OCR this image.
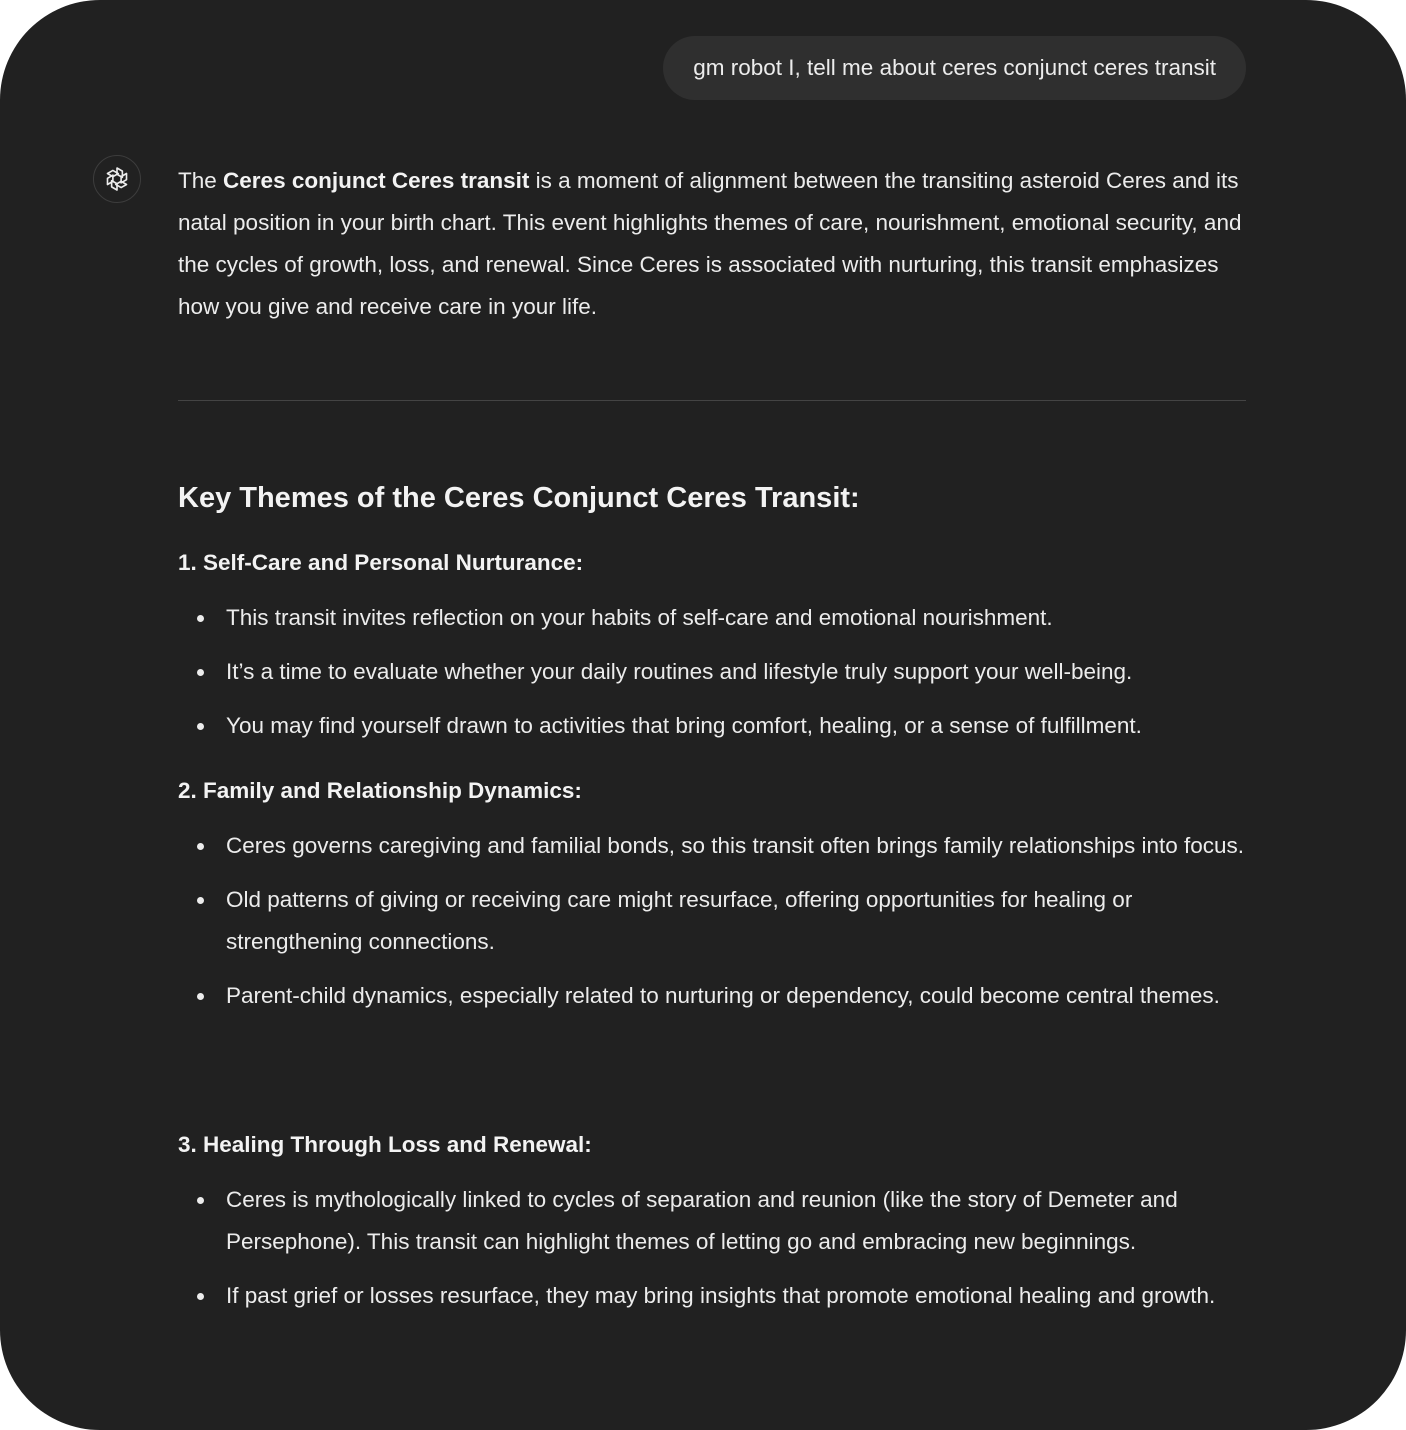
gm robot I, tell me about ceres conjunct ceres transit

The Ceres conjunct Ceres transit is a moment of alignment between the transiting asteroid Ceres and its natal position in your birth chart. This event highlights themes of care, nourishment, emotional security, and the cycles of growth, loss, and renewal. Since Ceres is associated with nurturing, this transit emphasizes how you give and receive care in your life.

Key Themes of the Ceres Conjunct Ceres Transit:
1. Self-Care and Personal Nurturance:
This transit invites reflection on your habits of self-care and emotional nourishment.
It’s a time to evaluate whether your daily routines and lifestyle truly support your well-being.
You may find yourself drawn to activities that bring comfort, healing, or a sense of fulfillment.
2. Family and Relationship Dynamics:
Ceres governs caregiving and familial bonds, so this transit often brings family relationships into focus.
Old patterns of giving or receiving care might resurface, offering opportunities for healing or strengthening connections.
Parent-child dynamics, especially related to nurturing or dependency, could become central themes.
3. Healing Through Loss and Renewal:
Ceres is mythologically linked to cycles of separation and reunion (like the story of Demeter and Persephone). This transit can highlight themes of letting go and embracing new beginnings.
If past grief or losses resurface, they may bring insights that promote emotional healing and growth.
